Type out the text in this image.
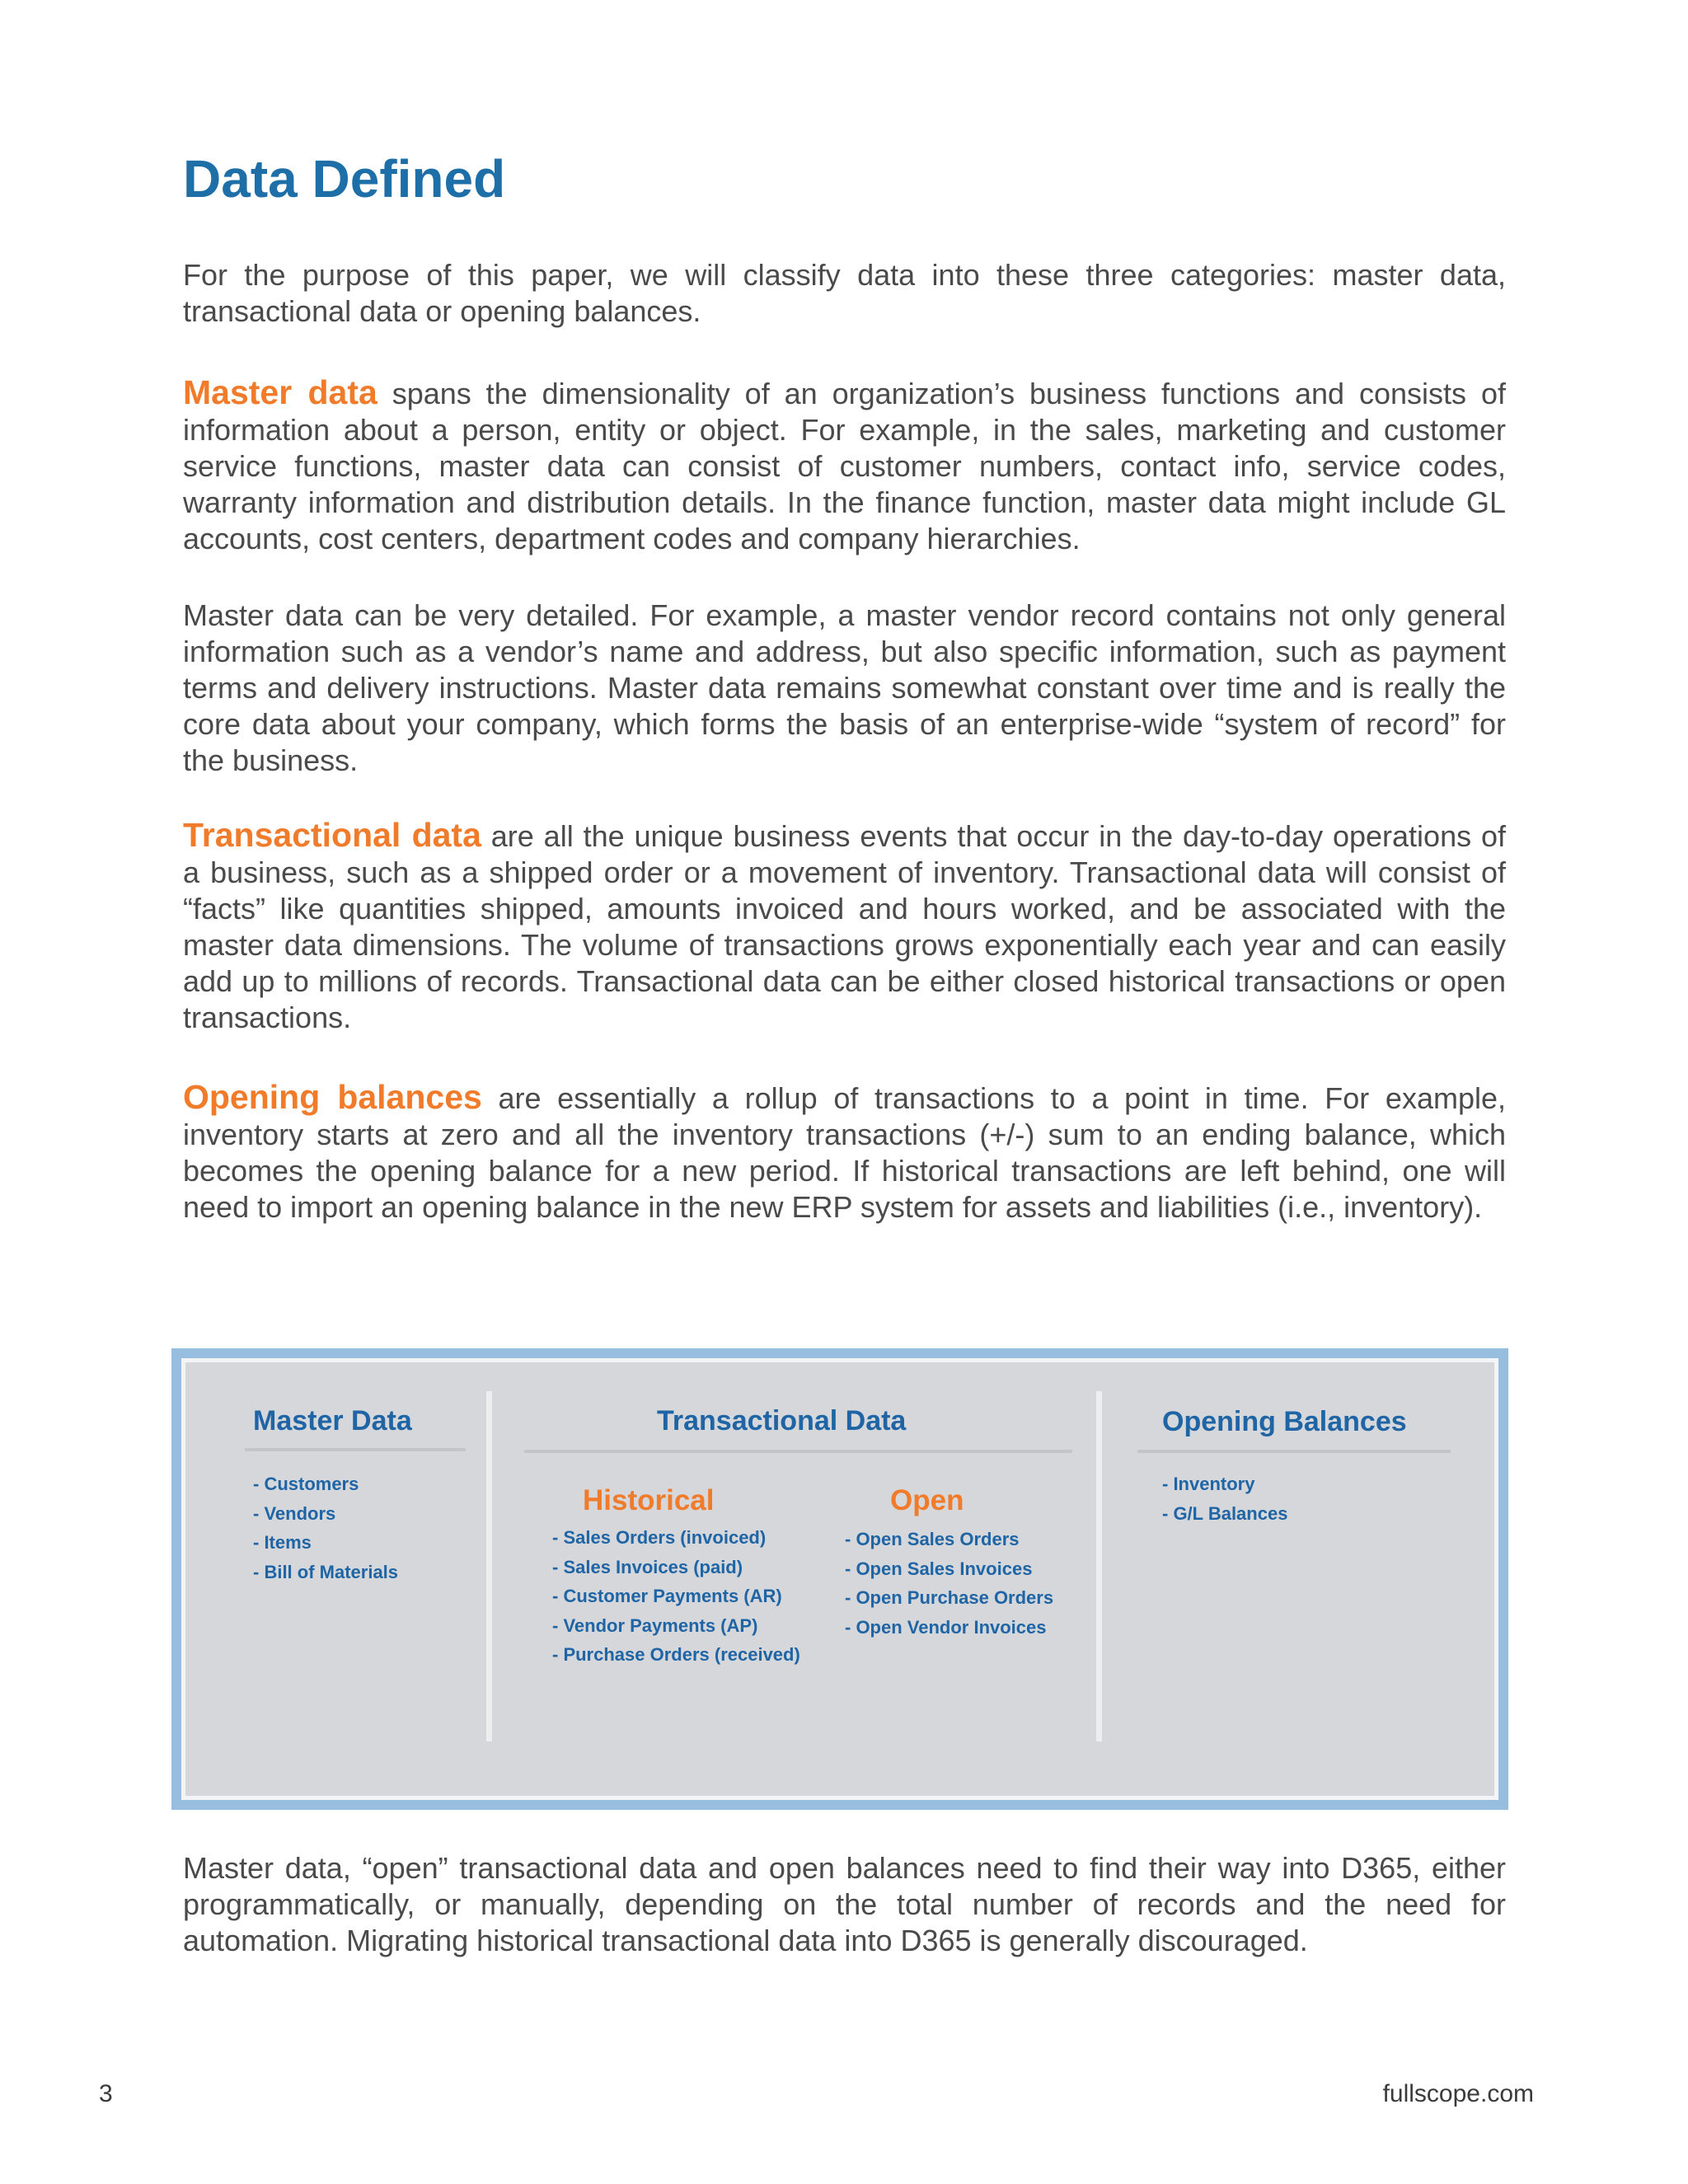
Data Defined

For the purpose of this paper, we will classify data into these three categories: master data, transactional data or opening balances.

Master data spans the dimensionality of an organization’s business functions and consists of information about a person, entity or object. For example, in the sales, marketing and customer service functions, master data can consist of customer numbers, contact info, service codes, warranty information and distribution details. In the finance function, master data might include GL accounts, cost centers, department codes and company hierarchies.

Master data can be very detailed. For example, a master vendor record contains not only general information such as a vendor’s name and address, but also specific information, such as payment terms and delivery instructions. Master data remains somewhat constant over time and is really the core data about your company, which forms the basis of an enterprise-wide “system of record” for the business.

Transactional data are all the unique business events that occur in the day-to-day operations of a business, such as a shipped order or a movement of inventory. Transactional data will consist of “facts” like quantities shipped, amounts invoiced and hours worked, and be associated with the master data dimensions. The volume of transactions grows exponentially each year and can easily add up to millions of records. Transactional data can be either closed historical transactions or open transactions.

Opening balances are essentially a rollup of transactions to a point in time. For example, inventory starts at zero and all the inventory transactions (+/-) sum to an ending balance, which becomes the opening balance for a new period. If historical transactions are left behind, one will need to import an opening balance in the new ERP system for assets and liabilities (i.e., inventory).

Master Data
- Customers
- Vendors
- Items
- Bill of Materials
Transactional Data
Historical
- Sales Orders (invoiced)
- Sales Invoices (paid)
- Customer Payments (AR)
- Vendor Payments (AP)
- Purchase Orders (received)
Open
- Open Sales Orders
- Open Sales Invoices
- Open Purchase Orders
- Open Vendor Invoices
Opening Balances
- Inventory
- G/L Balances

Master data, “open” transactional data and open balances need to find their way into D365, either programmatically, or manually, depending on the total number of records and the need for automation. Migrating historical transactional data into D365 is generally discouraged.

3	fullscope.com
